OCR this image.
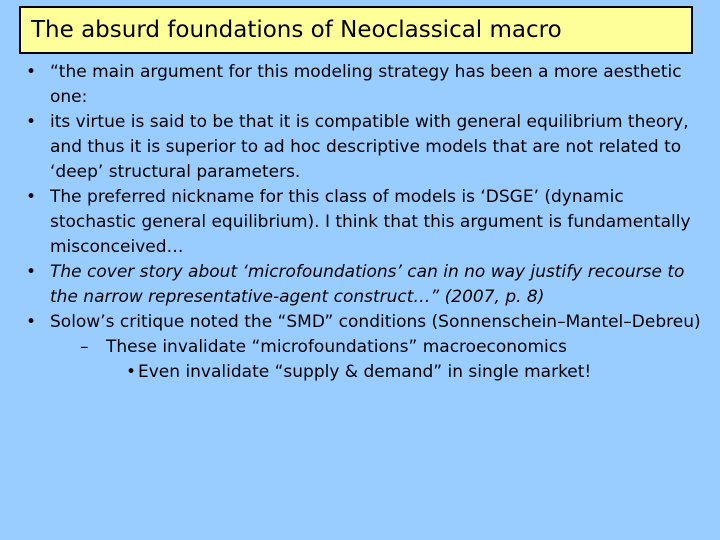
The absurd foundations of Neoclassical macro
• “the main argument for this modeling strategy has been a more aesthetic one:
• its virtue is said to be that it is compatible with general equilibrium theory, and thus it is superior to ad hoc descriptive models that are not related to ‘deep’ structural parameters.
• The preferred nickname for this class of models is ‘DSGE’ (dynamic stochastic general equilibrium). I think that this argument is fundamentally misconceived…
• The cover story about ‘microfoundations’ can in no way justify recourse to the narrow representative-agent construct…” (2007, p. 8)
• Solow’s critique noted the “SMD” conditions (Sonnenschein–Mantel–Debreu)
– These invalidate “microfoundations” macroeconomics
• Even invalidate “supply & demand” in single market!
